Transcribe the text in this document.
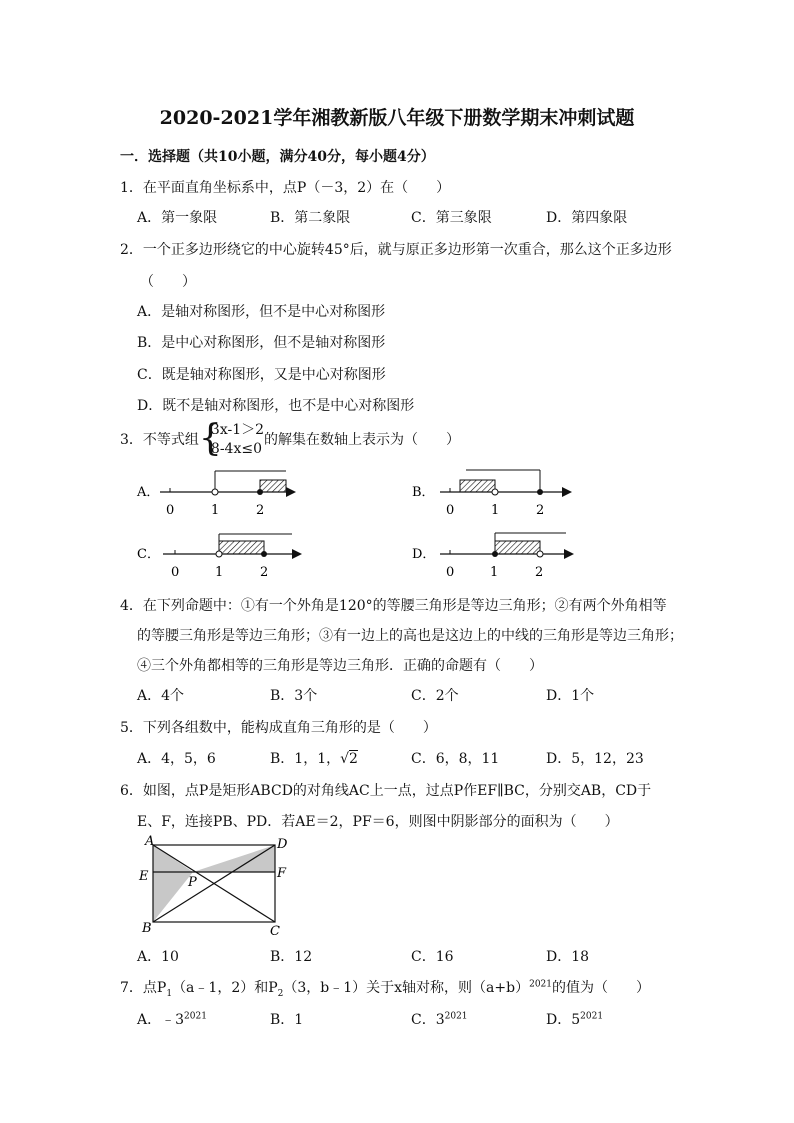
2020-2021学年湘教新版八年级下册数学期末冲刺试题
一．选择题（共10小题，满分40分，每小题4分）
1．在平面直角坐标系中，点P（－3，2）在（　　）
A．第一象限	B．第二象限	C．第三象限	D．第四象限
2．一个正多边形绕它的中心旋转45°后，就与原正多边形第一次重合，那么这个正多边形
（　　）
A．是轴对称图形，但不是中心对称图形
B．是中心对称图形，但不是轴对称图形
C．既是轴对称图形，又是中心对称图形
D．既不是轴对称图形，也不是中心对称图形
3．不等式组 {
3x-1＞2
8-4x≤0的解集在数轴上表示为（　　）
A．
0	1	2
B．
0	1	2
C．
0	1	2
D．
0	1	2
A	D
E	P
F
B	C
4．在下列命题中：①有一个外角是120°的等腰三角形是等边三角形；②有两个外角相等
的等腰三角形是等边三角形；③有一边上的高也是这边上的中线的三角形是等边三角形；
④三个外角都相等的三角形是等边三角形．正确的命题有（　　）
A．4个	B．3个	C．2个	D．1个
5．下列各组数中，能构成直角三角形的是（　　）
A．4，5，6	B．1，1，√2	C．6，8，11	D．5，12，23
6．如图，点P是矩形ABCD的对角线AC上一点，过点P作EF∥BC，分别交AB，CD于
E、F，连接PB、PD．若AE＝2，PF＝6，则图中阴影部分的面积为（　　）
A．10	B．12	C．16	D．18
7．点$P_1(a﹣1$，2）和$P_2(3$，b﹣1）关于x轴对称，则$(a+b)^{2021}$的值为（　　）
A．$﹣3^{2021}$	B．1	C．$3^{2021}$	D．$5^{2021}$
